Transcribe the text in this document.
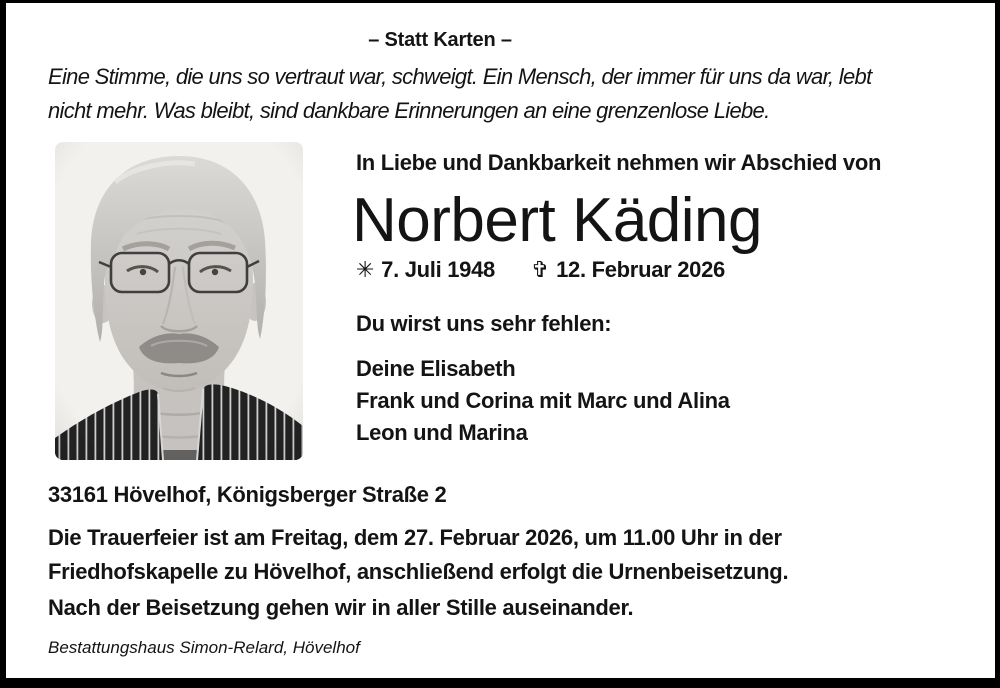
– Statt Karten –
Eine Stimme, die uns so vertraut war, schweigt. Ein Mensch, der immer für uns da war, lebt
nicht mehr. Was bleibt, sind dankbare Erinnerungen an eine grenzenlose Liebe.
In Liebe und Dankbarkeit nehmen wir Abschied von
Norbert Käding
✳ 7. Juli 1948 ✞ 12. Februar 2026
Du wirst uns sehr fehlen:
Deine Elisabeth
Frank und Corina mit Marc und Alina
Leon und Marina
33161 Hövelhof, Königsberger Straße 2
Die Trauerfeier ist am Freitag, dem 27. Februar 2026, um 11.00 Uhr in der
Friedhofskapelle zu Hövelhof, anschließend erfolgt die Urnenbeisetzung.
Nach der Beisetzung gehen wir in aller Stille auseinander.
Bestattungshaus Simon-Relard, Hövelhof
